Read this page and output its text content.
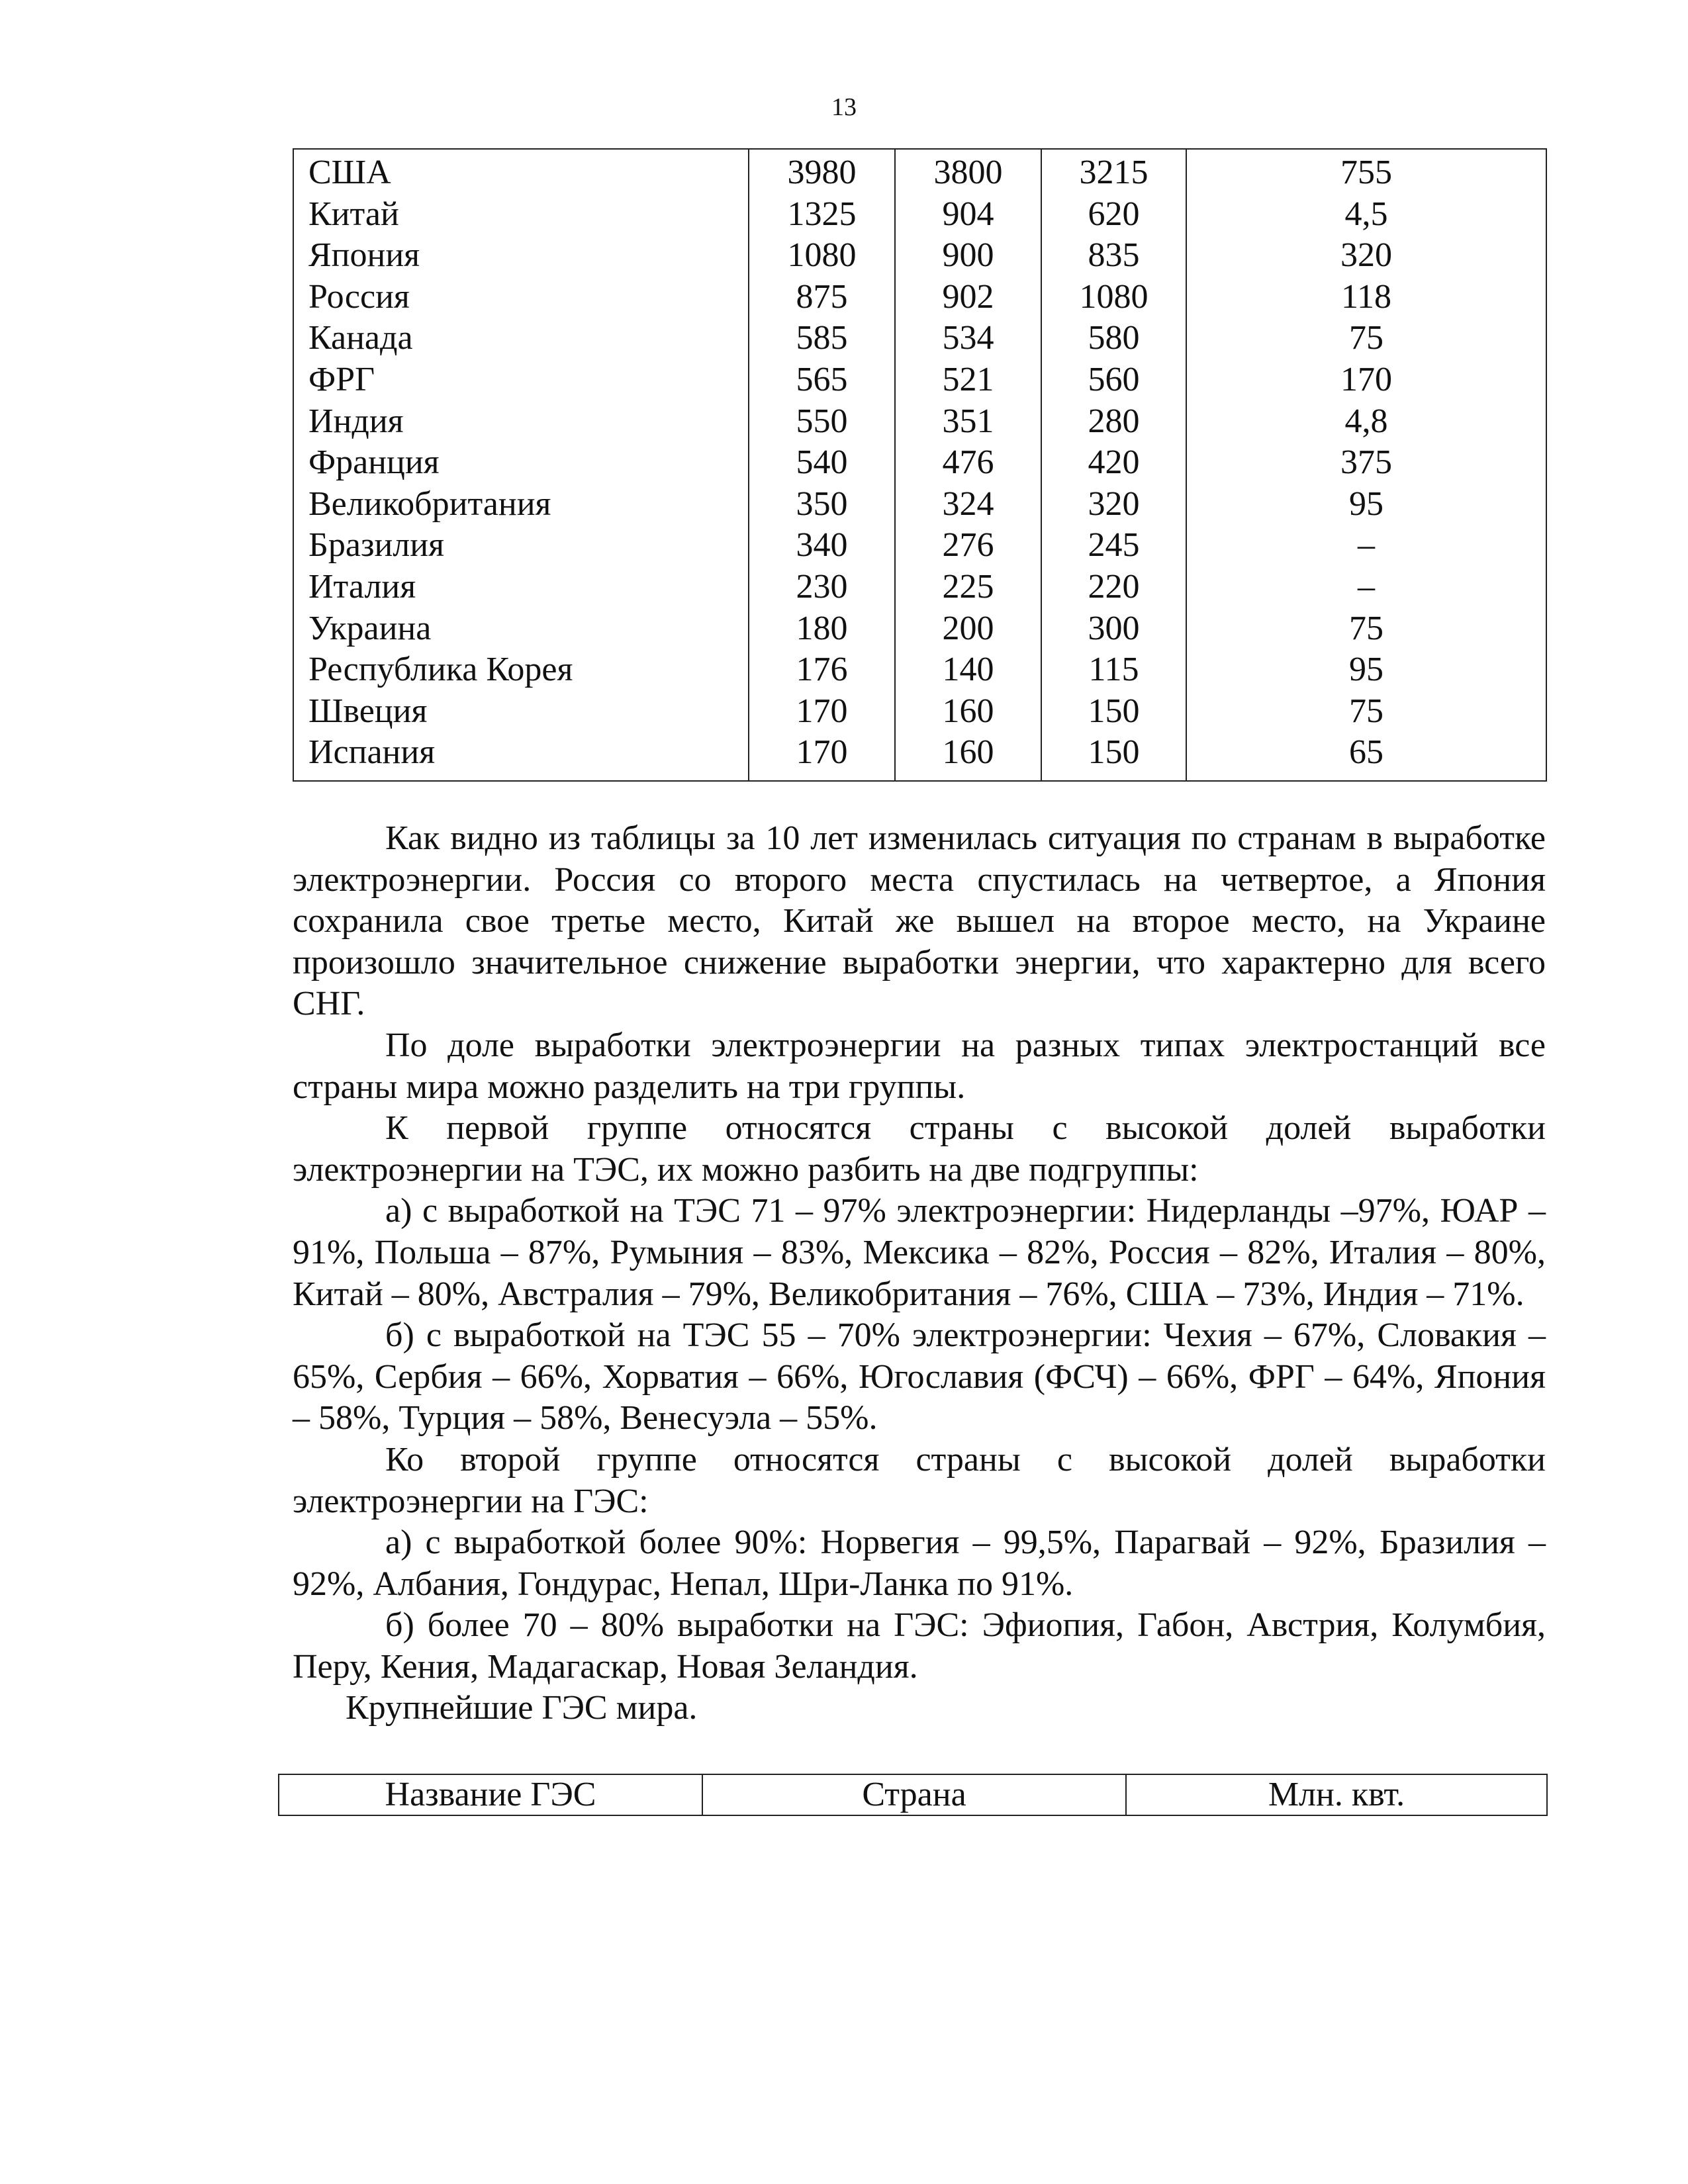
13
США	3980	3800	3215	755
Китай	1325	904	620	4,5
Япония	1080	900	835	320
Россия	875	902	1080	118
Канада	585	534	580	75
ФРГ	565	521	560	170
Индия	550	351	280	4,8
Франция	540	476	420	375
Великобритания	350	324	320	95
Бразилия	340	276	245	–
Италия	230	225	220	–
Украина	180	200	300	75
Республика Корея	176	140	115	95
Швеция	170	160	150	75
Испания	170	160	150	65

Как видно из таблицы за 10 лет изменилась ситуация по странам в выработке электроэнергии. Россия со второго места спустилась на четвертое, а Япония сохранила свое третье место, Китай же вышел на второе место, на Украине произошло значительное снижение выработки энергии, что характерно для всего СНГ.

По доле выработки электроэнергии на разных типах электростанций все страны мира можно разделить на три группы.

К первой группе относятся страны с высокой долей выработки электроэнергии на ТЭС, их можно разбить на две подгруппы:

а) с выработкой на ТЭС 71 – 97% электроэнергии: Нидерланды –97%, ЮАР – 91%, Польша – 87%, Румыния – 83%, Мексика – 82%, Россия – 82%, Италия – 80%, Китай – 80%, Австралия – 79%, Великобритания – 76%, США – 73%, Индия – 71%.

б) с выработкой на ТЭС 55 – 70% электроэнергии: Чехия – 67%, Словакия – 65%, Сербия – 66%, Хорватия – 66%, Югославия (ФСЧ) – 66%, ФРГ – 64%, Япония – 58%, Турция – 58%, Венесуэла – 55%.

Ко второй группе относятся страны с высокой долей выработки электроэнергии на ГЭС:

а) с выработкой более 90%: Норвегия – 99,5%, Парагвай – 92%, Бразилия – 92%, Албания, Гондурас, Непал, Шри-Ланка по 91%.

б) более 70 – 80% выработки на ГЭС: Эфиопия, Габон, Австрия, Колумбия, Перу, Кения, Мадагаскар, Новая Зеландия.

Крупнейшие ГЭС мира.

Название ГЭС	Страна	Млн. квт.
